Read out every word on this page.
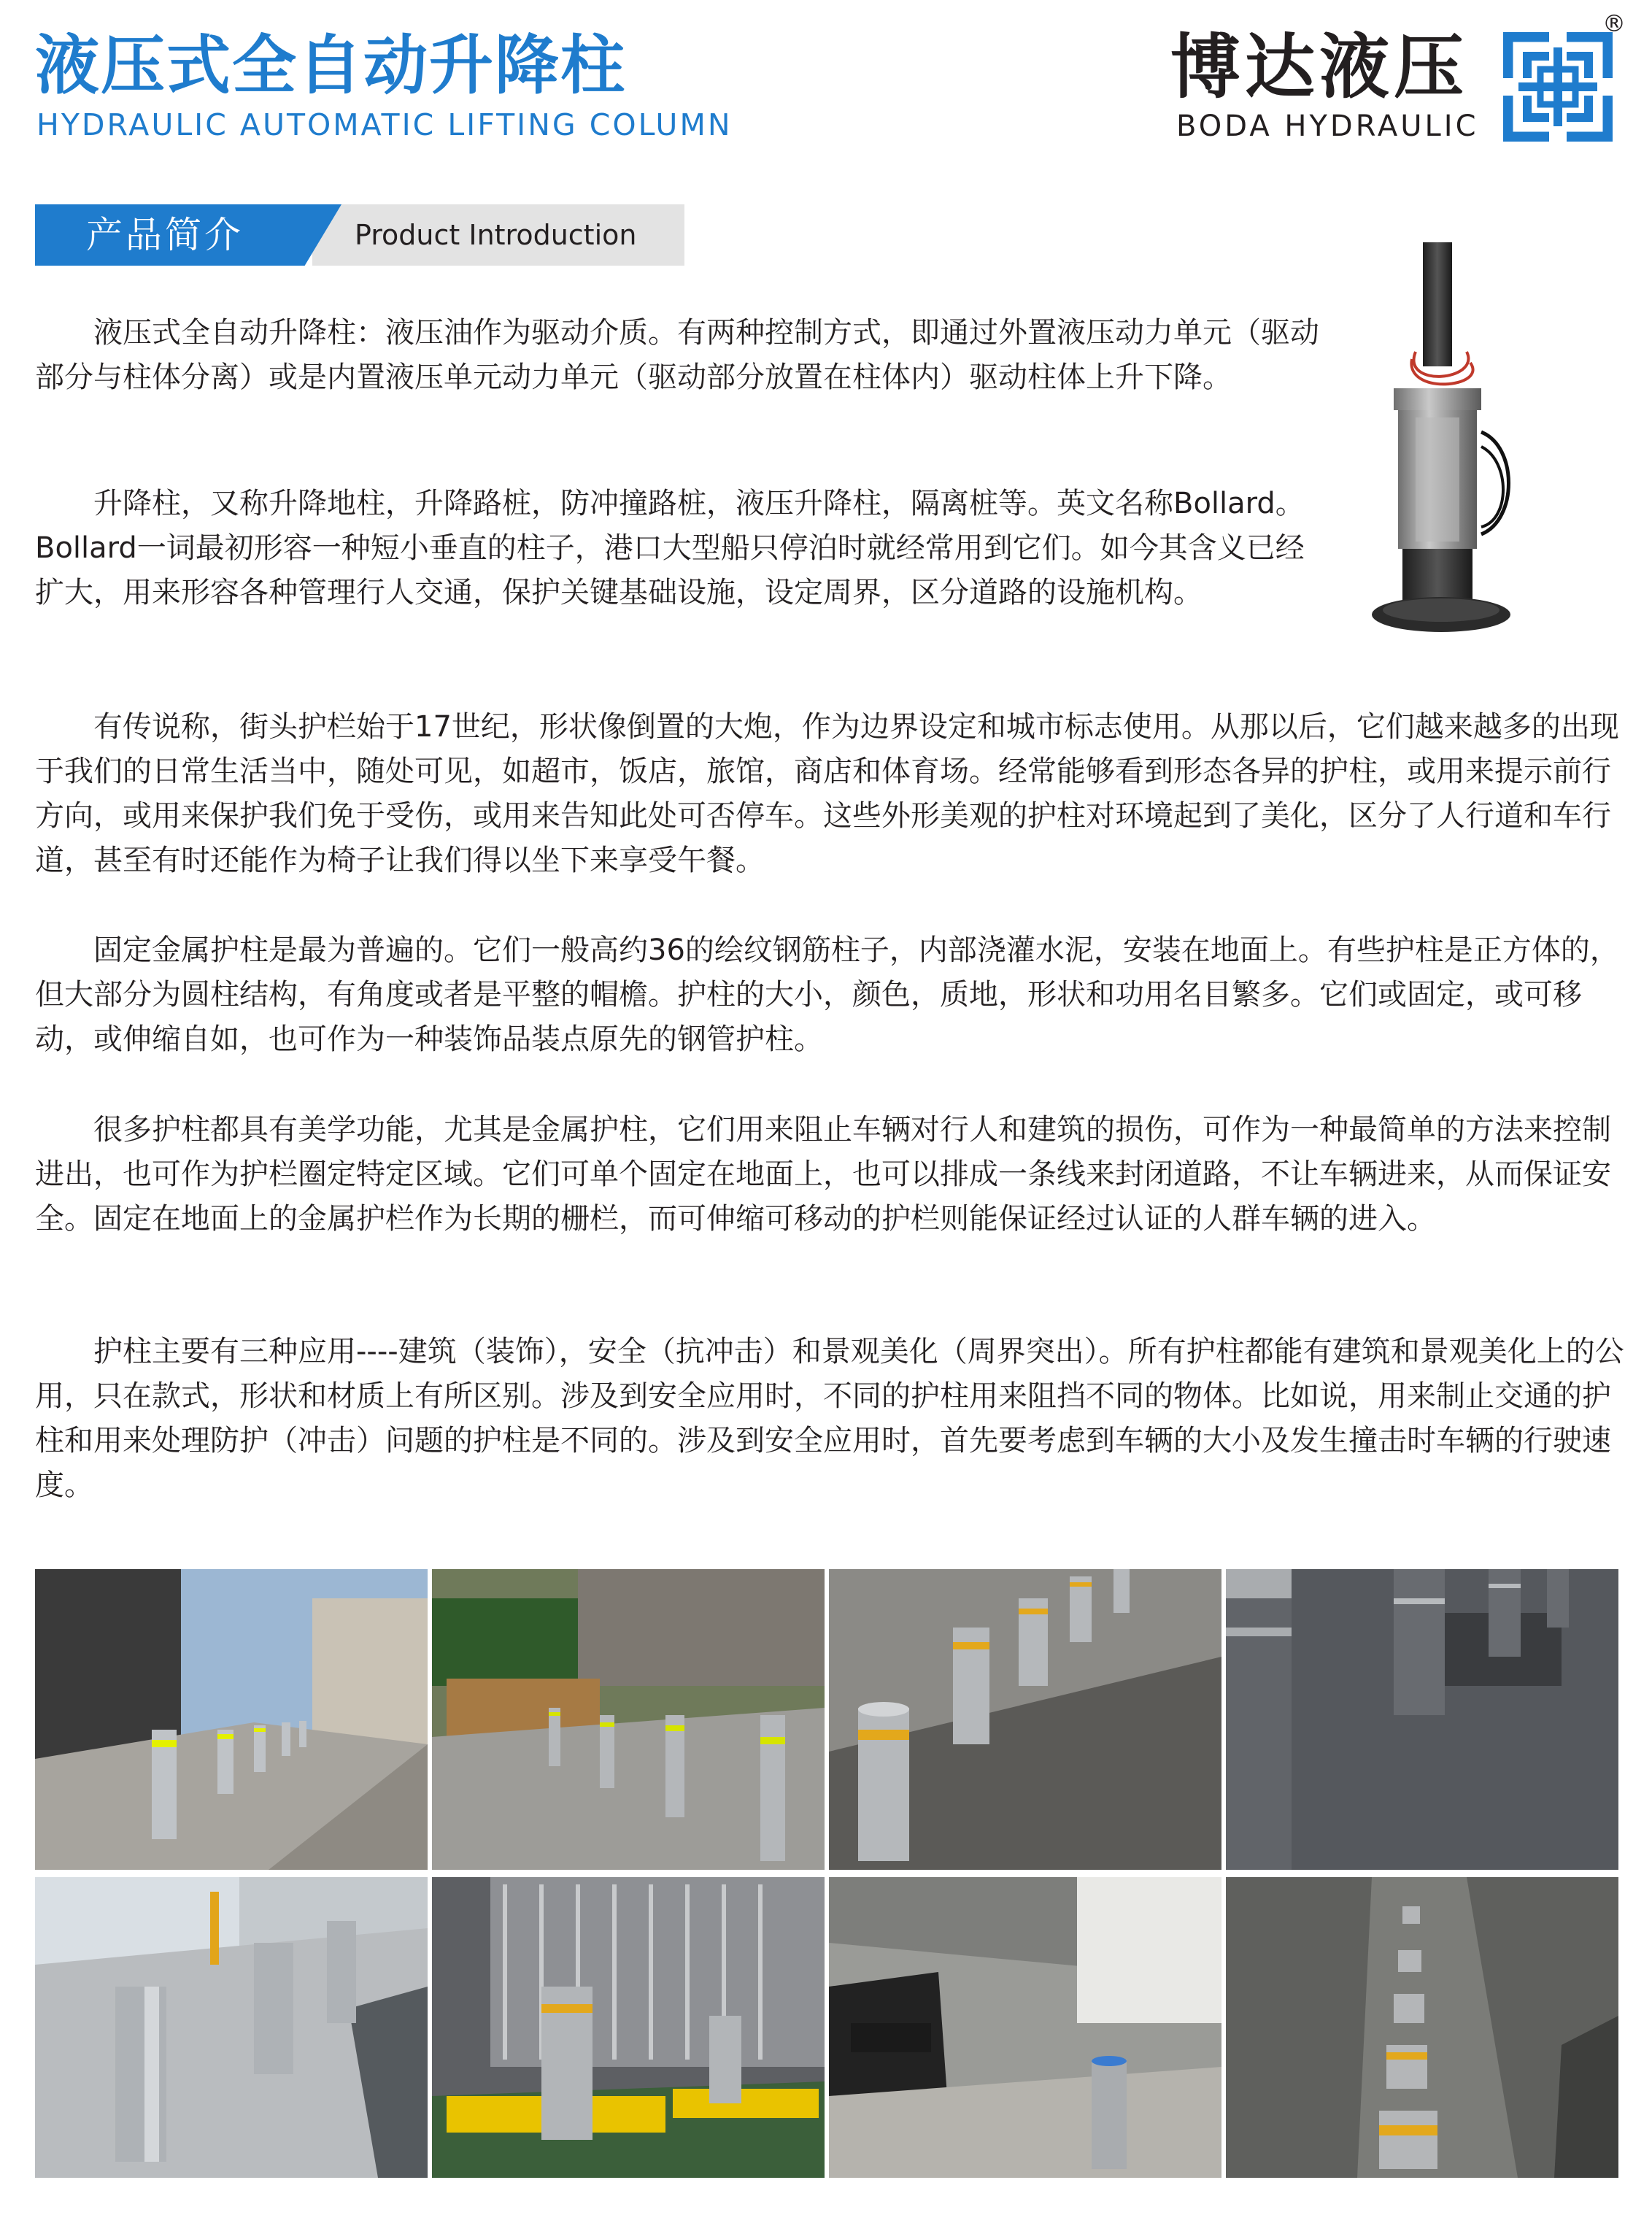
液压式全自动升降柱
HYDRAULIC AUTOMATIC LIFTING COLUMN
博达液压
BODA HYDRAULIC
®
产品简介	Product Introduction

液压式全自动升降柱：液压油作为驱动介质。有两种控制方式，即通过外置液压动力单元（驱动部分与柱体分离）或是内置液压单元动力单元（驱动部分放置在柱体内）驱动柱体上升下降。

升降柱，又称升降地柱，升降路桩，防冲撞路桩，液压升降柱，隔离桩等。英文名称Bollard。Bollard一词最初形容一种短小垂直的柱子，港口大型船只停泊时就经常用到它们。如今其含义已经扩大，用来形容各种管理行人交通，保护关键基础设施，设定周界，区分道路的设施机构。

有传说称，街头护栏始于17世纪，形状像倒置的大炮，作为边界设定和城市标志使用。从那以后，它们越来越多的出现于我们的日常生活当中，随处可见，如超市，饭店，旅馆，商店和体育场。经常能够看到形态各异的护柱，或用来提示前行方向，或用来保护我们免于受伤，或用来告知此处可否停车。这些外形美观的护柱对环境起到了美化，区分了人行道和车行道，甚至有时还能作为椅子让我们得以坐下来享受午餐。

固定金属护柱是最为普遍的。它们一般高约36的绘纹钢筋柱子，内部浇灌水泥，安装在地面上。有些护柱是正方体的，但大部分为圆柱结构，有角度或者是平整的帽檐。护柱的大小，颜色，质地，形状和功用名目繁多。它们或固定，或可移动，或伸缩自如，也可作为一种装饰品装点原先的钢管护柱。

很多护柱都具有美学功能，尤其是金属护柱，它们用来阻止车辆对行人和建筑的损伤，可作为一种最简单的方法来控制进出，也可作为护栏圈定特定区域。它们可单个固定在地面上，也可以排成一条线来封闭道路，不让车辆进来，从而保证安全。固定在地面上的金属护栏作为长期的栅栏，而可伸缩可移动的护栏则能保证经过认证的人群车辆的进入。

护柱主要有三种应用----建筑（装饰），安全（抗冲击）和景观美化（周界突出）。所有护柱都能有建筑和景观美化上的公用，只在款式，形状和材质上有所区别。涉及到安全应用时，不同的护柱用来阻挡不同的物体。比如说，用来制止交通的护柱和用来处理防护（冲击）问题的护柱是不同的。涉及到安全应用时，首先要考虑到车辆的大小及发生撞击时车辆的行驶速度。
